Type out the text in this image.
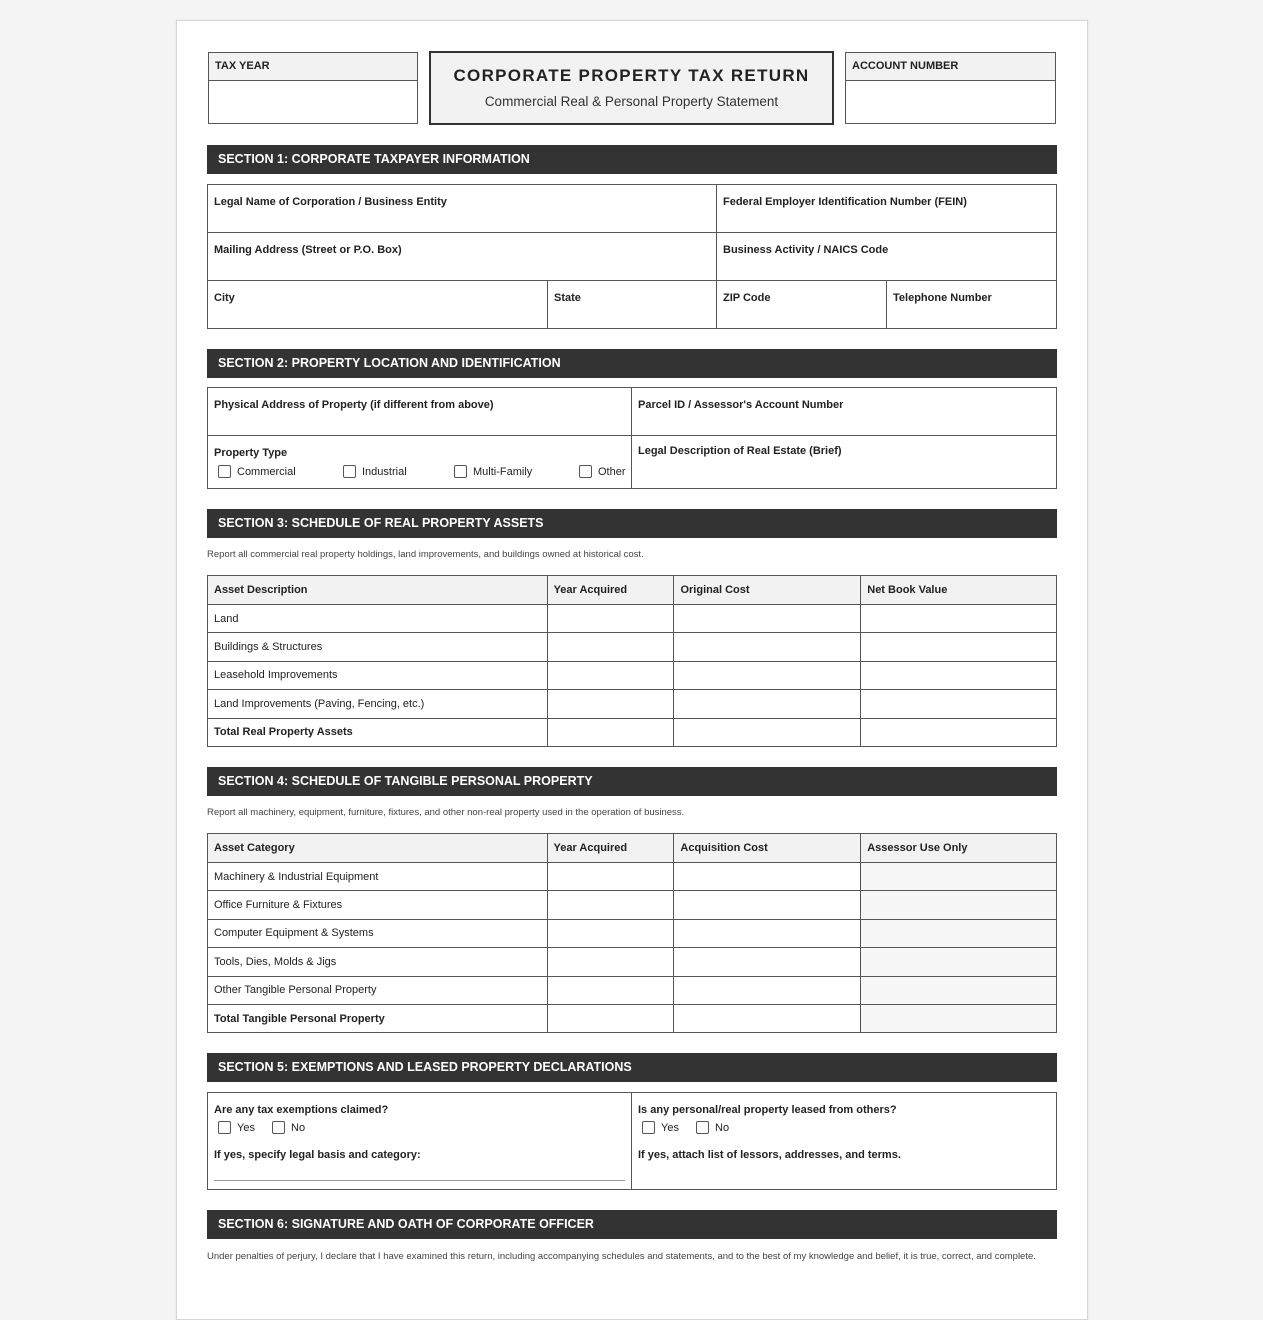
TAX YEAR	CORPORATE PROPERTY TAX RETURN
Commercial Real & Personal Property Statement
ACCOUNT NUMBER
SECTION 1: CORPORATE TAXPAYER INFORMATION
Legal Name of Corporation / Business Entity	Federal Employer Identification Number (FEIN)
Mailing Address (Street or P.O. Box)	Business Activity / NAICS Code
City	State	ZIP Code	Telephone Number
SECTION 2: PROPERTY LOCATION AND IDENTIFICATION
Physical Address of Property (if different from above)	Parcel ID / Assessor's Account Number
Property Type
Commercial	Industrial	Multi-Family	Other
Legal Description of Real Estate (Brief)
SECTION 3: SCHEDULE OF REAL PROPERTY ASSETS
Report all commercial real property holdings, land improvements, and buildings owned at historical cost.
Asset Description	Year Acquired	Original Cost	Net Book Value
Land			
Buildings & Structures			
Leasehold Improvements			
Land Improvements (Paving, Fencing, etc.)			
Total Real Property Assets			
SECTION 4: SCHEDULE OF TANGIBLE PERSONAL PROPERTY
Report all machinery, equipment, furniture, fixtures, and other non-real property used in the operation of business.
Asset Category	Year Acquired	Acquisition Cost	Assessor Use Only
Machinery & Industrial Equipment			
Office Furniture & Fixtures			
Computer Equipment & Systems			
Tools, Dies, Molds & Jigs			
Other Tangible Personal Property			
Total Tangible Personal Property			
SECTION 5: EXEMPTIONS AND LEASED PROPERTY DECLARATIONS
Are any tax exemptions claimed?
Yes	No
If yes, specify legal basis and category:
Is any personal/real property leased from others?
Yes	No
If yes, attach list of lessors, addresses, and terms.
SECTION 6: SIGNATURE AND OATH OF CORPORATE OFFICER
Under penalties of perjury, I declare that I have examined this return, including accompanying schedules and statements, and to the best of my knowledge and belief, it is true, correct, and complete.
